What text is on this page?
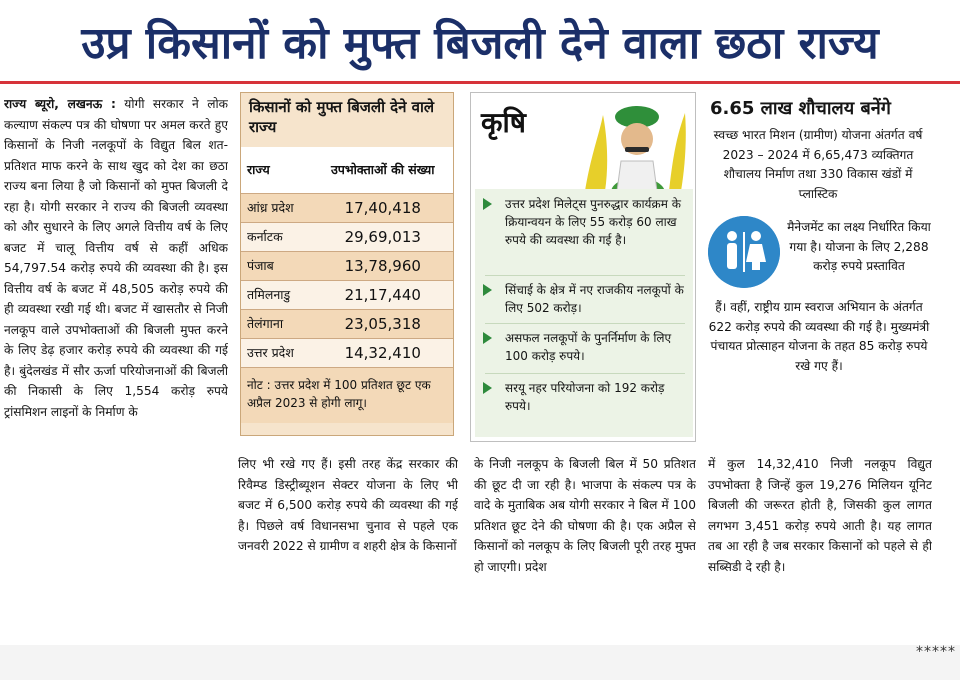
उप्र किसानों को मुफ्त बिजली देने वाला छठा राज्य
राज्य ब्यूरो, लखनऊ : योगी सरकार ने लोक कल्याण संकल्प पत्र की घोषणा पर अमल करते हुए किसानों के निजी नलकूपों के विद्युत बिल शत-प्रतिशत माफ करने के साथ खुद को देश का छठा राज्य बना लिया है जो किसानों को मुफ्त बिजली दे रहा है। योगी सरकार ने राज्य की बिजली व्यवस्था को और सुधारने के लिए अगले वित्तीय वर्ष के लिए बजट में चालू वित्तीय वर्ष से कहीं अधिक 54,797.54 करोड़ रुपये की व्यवस्था की है। इस वित्तीय वर्ष के बजट में 48,505 करोड़ रुपये की ही व्यवस्था रखी गई थी। बजट में खासतौर से निजी नलकूप वाले उपभोक्ताओं की बिजली मुफ्त करने के लिए डेढ़ हजार करोड़ रुपये की व्यवस्था की गई है। बुंदेलखंड में सौर ऊर्जा परियोजनाओं की बिजली की निकासी के लिए 1,554 करोड़ रुपये ट्रांसमिशन लाइनों के निर्माण के
किसानों को मुफ्त बिजली देने वाले राज्य
राज्य	उपभोक्ताओं की संख्या
आंध्र प्रदेश	17,40,418
कर्नाटक	29,69,013
पंजाब	13,78,960
तमिलनाडु	21,17,440
तेलंगाना	23,05,318
उत्तर प्रदेश	14,32,410
नोट : उत्तर प्रदेश में 100 प्रतिशत छूट एक अप्रैल 2023 से होगी लागू।
कृषि
उत्तर प्रदेश मिलेट्स पुनरुद्धार कार्यक्रम के क्रियान्वयन के लिए 55 करोड़ 60 लाख रुपये की व्यवस्था की गई है।
सिंचाई के क्षेत्र में नए राजकीय नलकूपों के लिए 502 करोड़।
असफल नलकूपों के पुनर्निर्माण के लिए 100 करोड़ रुपये।
सरयू नहर परियोजना को 192 करोड़ रुपये।
6.65 लाख शौचालय बनेंगे
स्वच्छ भारत मिशन (ग्रामीण) योजना अंतर्गत वर्ष 2023 – 2024 में 6,65,473 व्यक्तिगत शौचालय निर्माण तथा 330 विकास खंडों में प्लास्टिक
मैनेजमेंट का लक्ष्य निर्धारित किया गया है। योजना के लिए 2,288 करोड़ रुपये प्रस्तावित
हैं। वहीं, राष्ट्रीय ग्राम स्वराज अभियान के अंतर्गत 622 करोड़ रुपये की व्यवस्था की गई है। मुख्यमंत्री पंचायत प्रोत्साहन योजना के तहत 85 करोड़ रुपये रखे गए हैं।
लिए भी रखे गए हैं। इसी तरह केंद्र सरकार की रिवैम्प्ड डिस्ट्रीब्यूशन सेक्टर योजना के लिए भी बजट में 6,500 करोड़ रुपये की व्यवस्था की गई है। पिछले वर्ष विधानसभा चुनाव से पहले एक जनवरी 2022 से ग्रामीण व शहरी क्षेत्र के किसानों
के निजी नलकूप के बिजली बिल में 50 प्रतिशत की छूट दी जा रही है। भाजपा के संकल्प पत्र के वादे के मुताबिक अब योगी सरकार ने बिल में 100 प्रतिशत छूट देने की घोषणा की है। एक अप्रैल से किसानों को नलकूप के लिए बिजली पूरी तरह मुफ्त हो जाएगी। प्रदेश
में कुल 14,32,410 निजी नलकूप विद्युत उपभोक्ता है जिन्हें कुल 19,276 मिलियन यूनिट बिजली की जरूरत होती है, जिसकी कुल लागत लगभग 3,451 करोड़ रुपये आती है। यह लागत तब आ रही है जब सरकार किसानों को पहले से ही सब्सिडी दे रही है।
*****
